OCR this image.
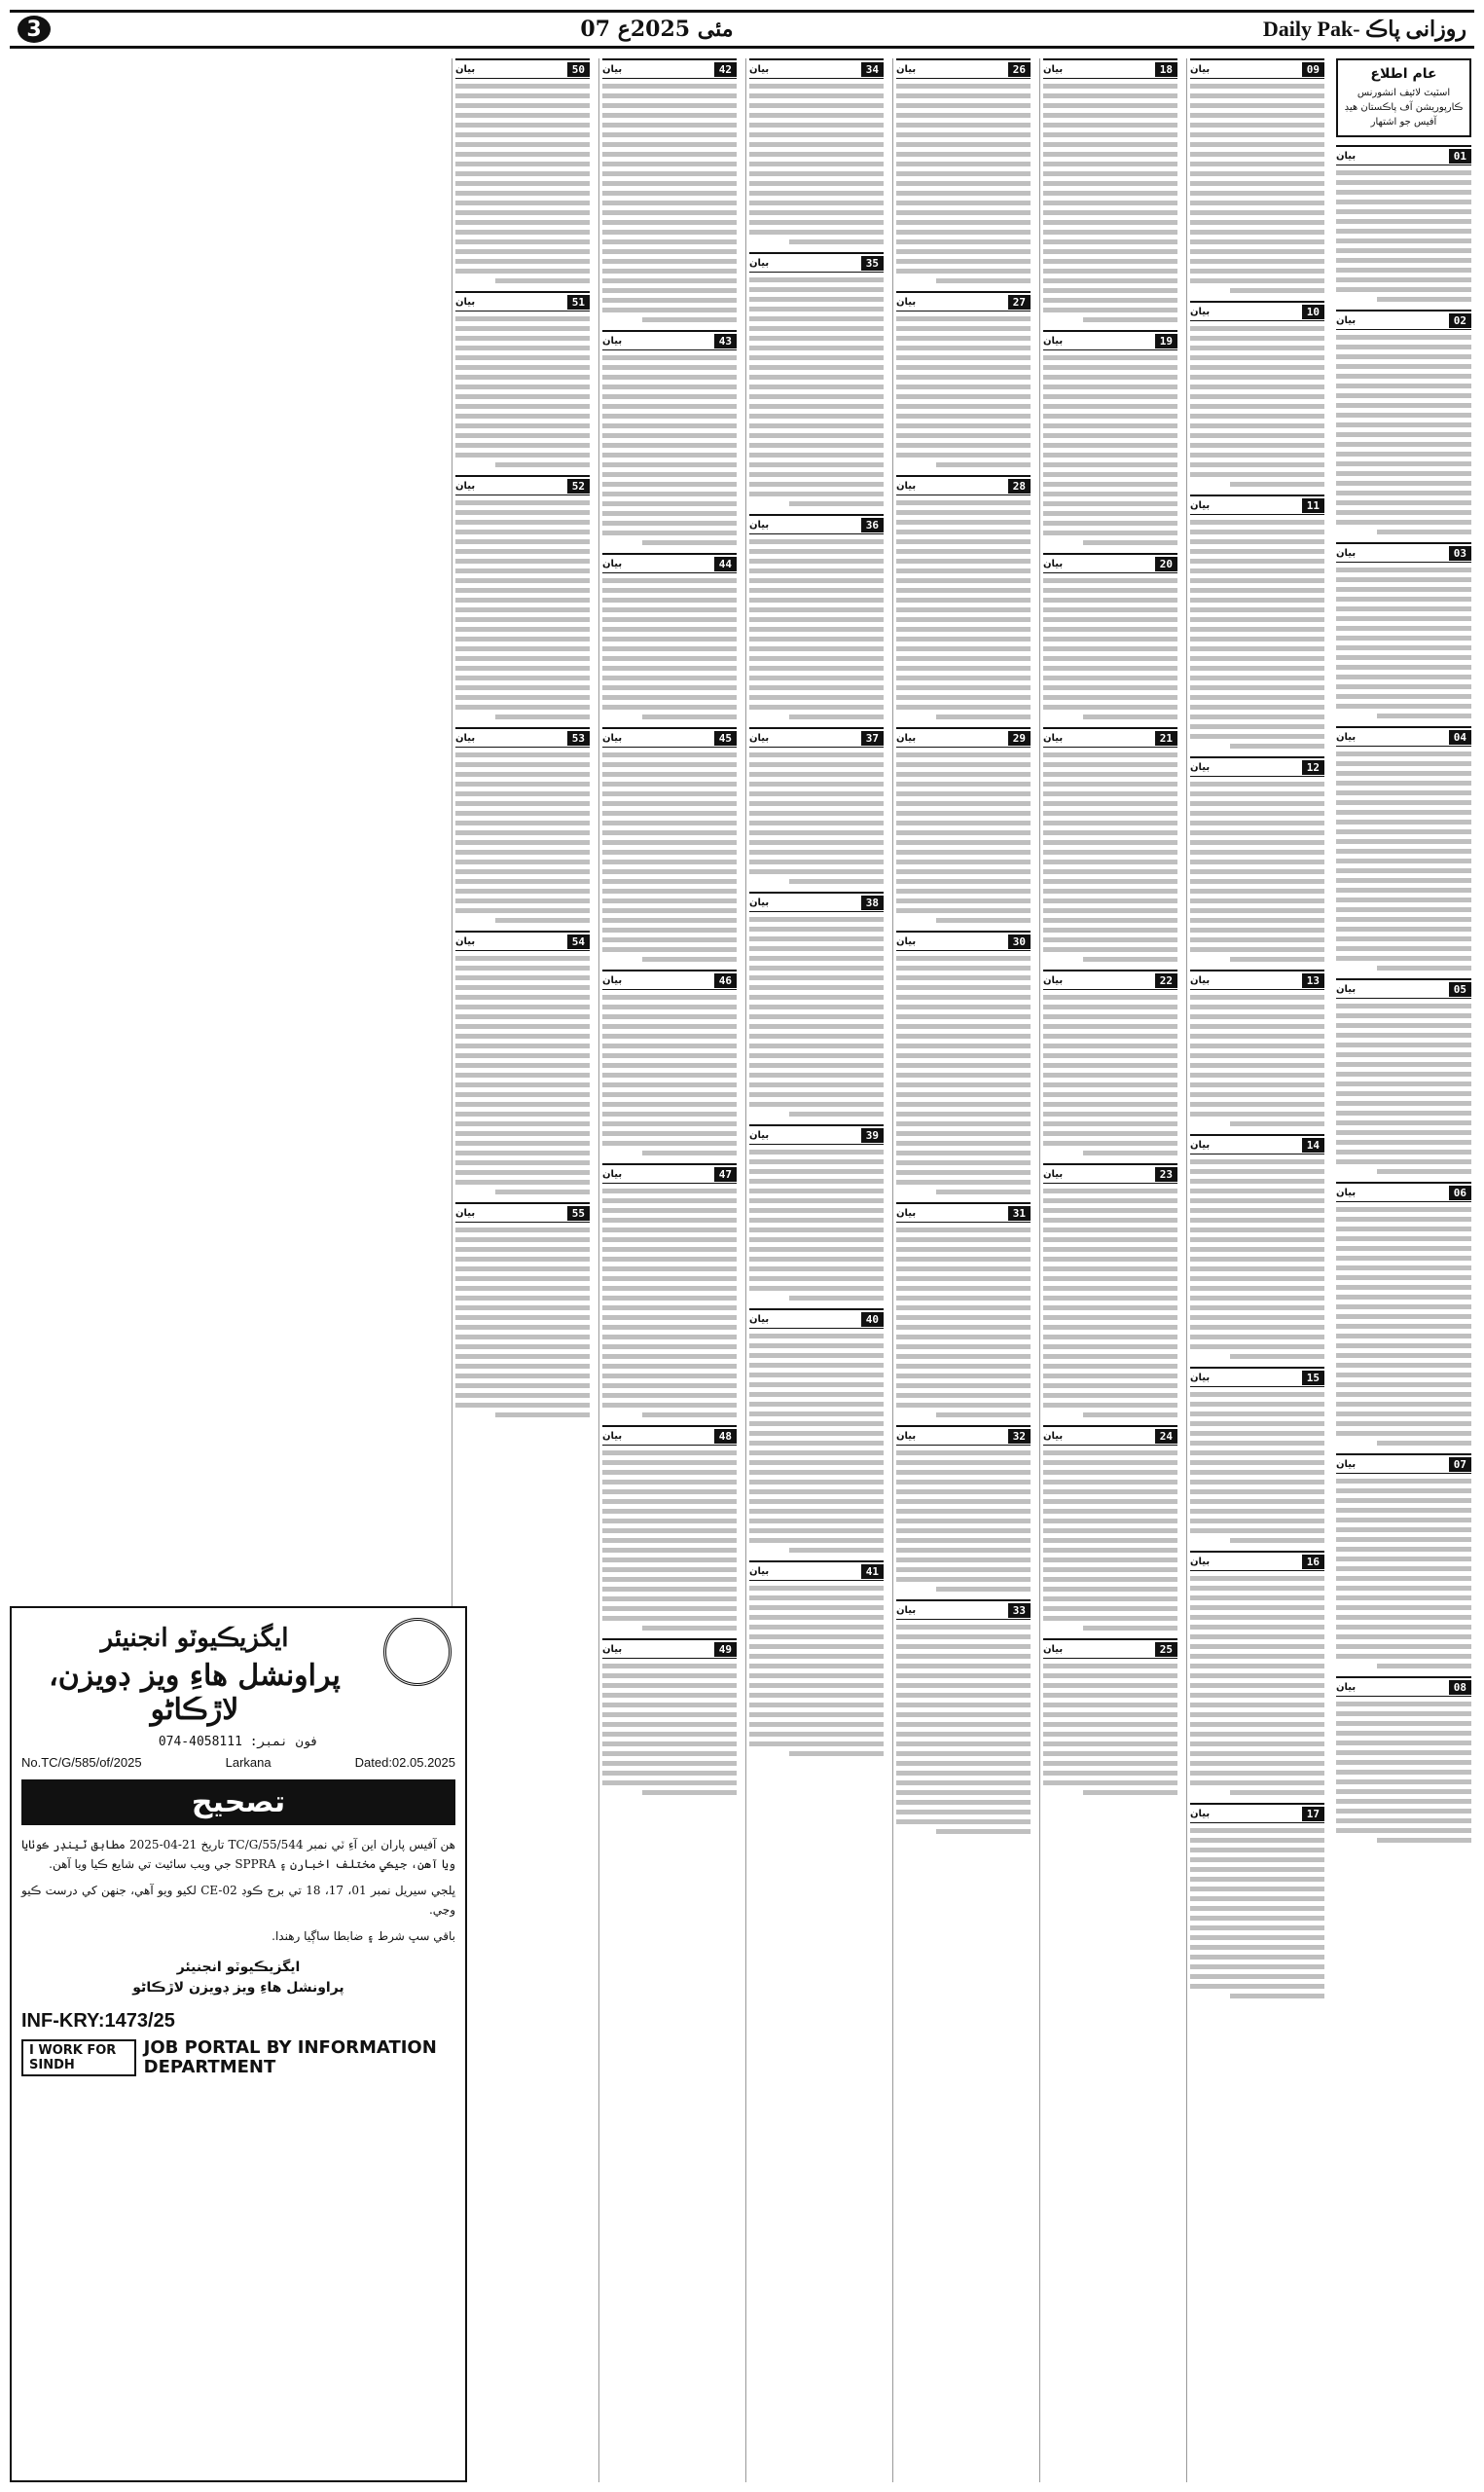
3	07 مئی 2025ع	Daily Pak- روزانی پاڪ
عام اطلاع
اسٽيٽ لائيف انشورنس ڪارپوريشن آف پاڪستان هيڊ آفيس جو اشتهار
بيان	01
بيان	02
بيان	03
بيان	04
بيان	05
بيان	06
بيان	07
بيان	08
بيان	09
بيان	10
بيان	11
بيان	12
بيان	13
بيان	14
بيان	15
بيان	16
بيان	17
بيان	18
بيان	19
بيان	20
بيان	21
بيان	22
بيان	23
بيان	24
بيان	25
بيان	26
بيان	27
بيان	28
بيان	29
بيان	30
بيان	31
بيان	32
بيان	33
بيان	34
بيان	35
بيان	36
بيان	37
بيان	38
بيان	39
بيان	40
بيان	41
بيان	42
بيان	43
بيان	44
بيان	45
بيان	46
بيان	47
بيان	48
بيان	49
بيان	50
بيان	51
بيان	52
بيان	53
بيان	54
بيان	55
ايگزيڪيوٽو انجنيئر
پراونشل هاءِ ويز ڊويزن، لاڙڪاڻو
074-4058111 :فون نمبر
No.TC/G/585/of/2025	Larkana	Dated:02.05.2025
تصحيح

هن آفيس پاران اين آءِ ٽي نمبر TC/G/55/544 تاريخ 21-04-2025 مطابق ٽينڊر ڪوٺايا ويا آهن، جيڪي مختلف اخبارن ۽ SPPRA جي ويب سائيٽ تي شايع ڪيا ويا آهن.

ڀلجي سيريل نمبر 01، 17، 18 تي برج ڪوڊ CE-02 لکيو ويو آهي، جنهن کي درست ڪيو وڃي.

باقي سڀ شرط ۽ ضابطا ساڳيا رهندا.

ايگزيڪيوٽو انجنيئر
پراونشل هاءِ ويز ڊويزن لاڙڪاڻو
INF-KRY:1473/25
I WORK FOR SINDH
JOB PORTAL BY INFORMATION DEPARTMENT
